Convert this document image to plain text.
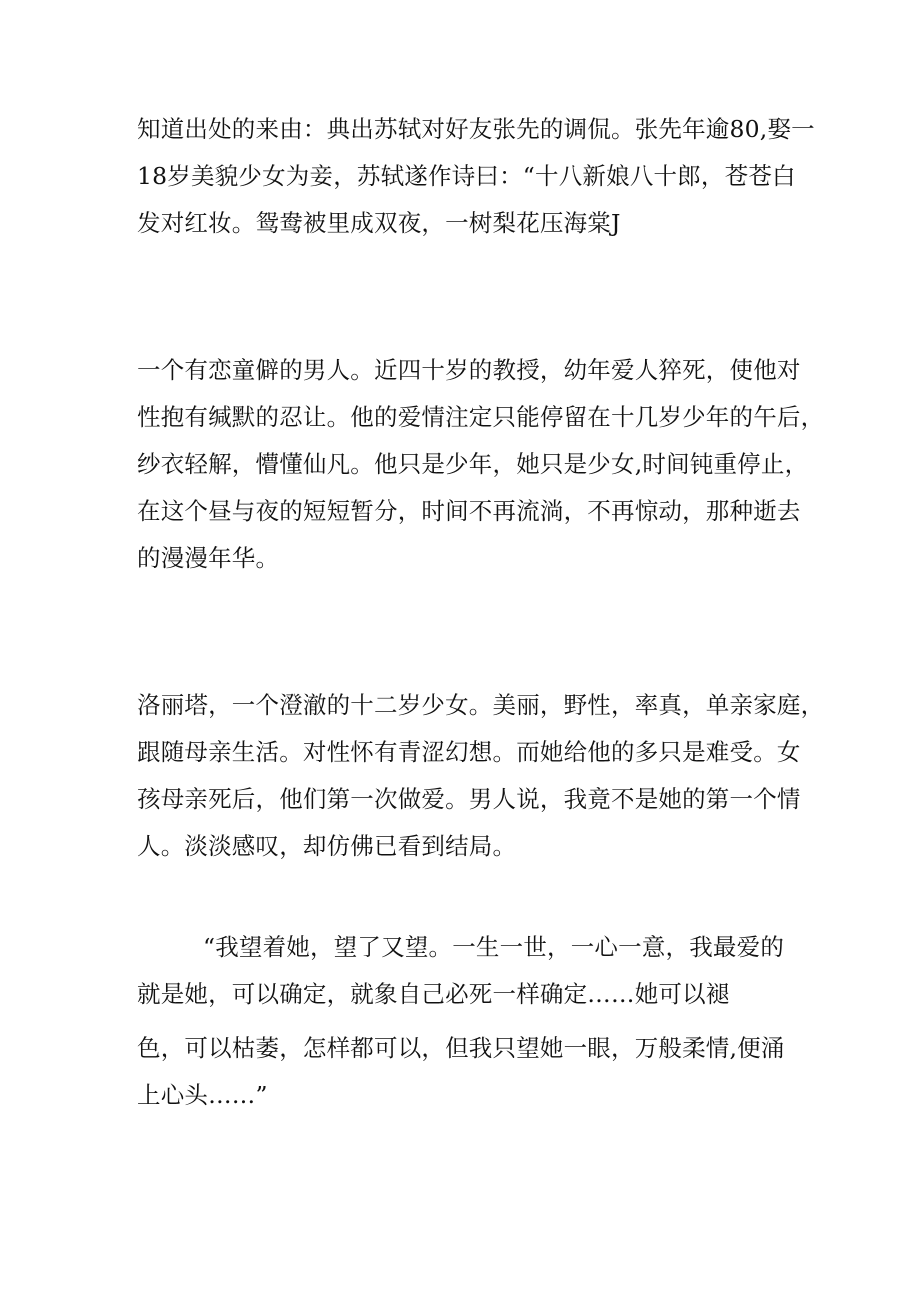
知道出处的来由：典出苏轼对好友张先的调侃。张先年逾80,娶一
18岁美貌少女为妾，苏轼遂作诗曰：“十八新娘八十郎，苍苍白
发对红妆。鸳鸯被里成双夜，一树梨花压海棠J
一个有恋童僻的男人。近四十岁的教授，幼年爱人猝死，使他对
性抱有缄默的忍让。他的爱情注定只能停留在十几岁少年的午后，
纱衣轻解，懵懂仙凡。他只是少年，她只是少女,时间钝重停止，
在这个昼与夜的短短暂分，时间不再流淌，不再惊动，那种逝去
的漫漫年华。
洛丽塔，一个澄澈的十二岁少女。美丽，野性，率真，单亲家庭，
跟随母亲生活。对性怀有青涩幻想。而她给他的多只是难受。女
孩母亲死后，他们第一次做爱。男人说，我竟不是她的第一个情
人。淡淡感叹，却仿佛已看到结局。
“我望着她，望了又望。一生一世，一心一意，我最爱的
就是她，可以确定，就象自己必死一样确定……她可以褪
色，可以枯萎，怎样都可以，但我只望她一眼，万般柔情,便涌
上心头……”
